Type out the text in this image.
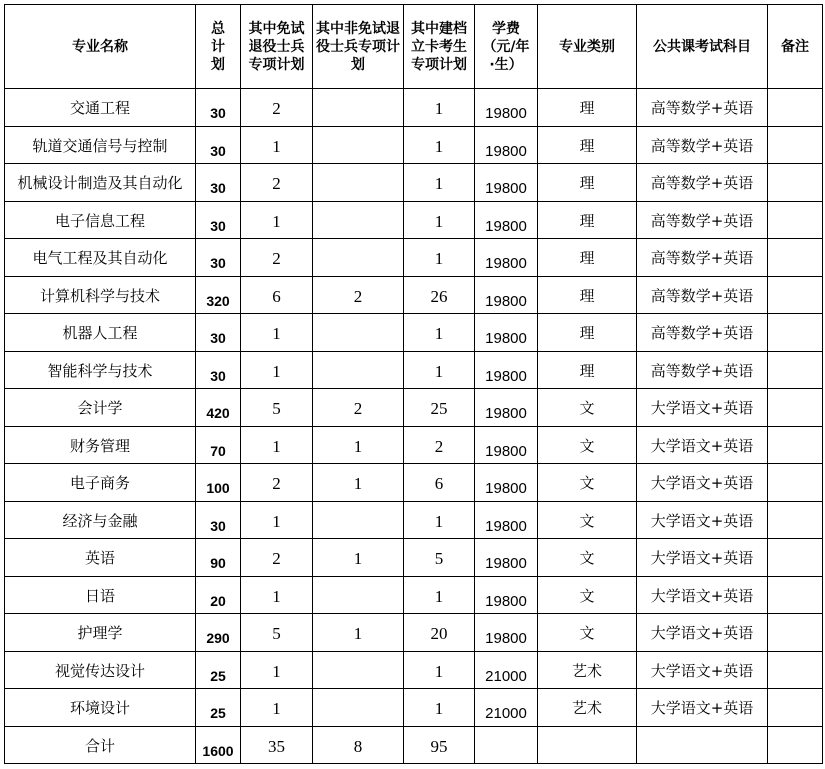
专业名称	总计划	其中免试退役士兵专项计划	其中非免试退役士兵专项计划	其中建档立卡考生专项计划	学费（元/年·生）	专业类别	公共课考试科目	备注
交通工程	30	2		1	19800	理	高等数学+英语	
轨道交通信号与控制	30	1		1	19800	理	高等数学+英语	
机械设计制造及其自动化	30	2		1	19800	理	高等数学+英语	
电子信息工程	30	1		1	19800	理	高等数学+英语	
电气工程及其自动化	30	2		1	19800	理	高等数学+英语	
计算机科学与技术	320	6	2	26	19800	理	高等数学+英语	
机器人工程	30	1		1	19800	理	高等数学+英语	
智能科学与技术	30	1		1	19800	理	高等数学+英语	
会计学	420	5	2	25	19800	文	大学语文+英语	
财务管理	70	1	1	2	19800	文	大学语文+英语	
电子商务	100	2	1	6	19800	文	大学语文+英语	
经济与金融	30	1		1	19800	文	大学语文+英语	
英语	90	2	1	5	19800	文	大学语文+英语	
日语	20	1		1	19800	文	大学语文+英语	
护理学	290	5	1	20	19800	文	大学语文+英语	
视觉传达设计	25	1		1	21000	艺术	大学语文+英语	
环境设计	25	1		1	21000	艺术	大学语文+英语	
合计	1600	35	8	95				
